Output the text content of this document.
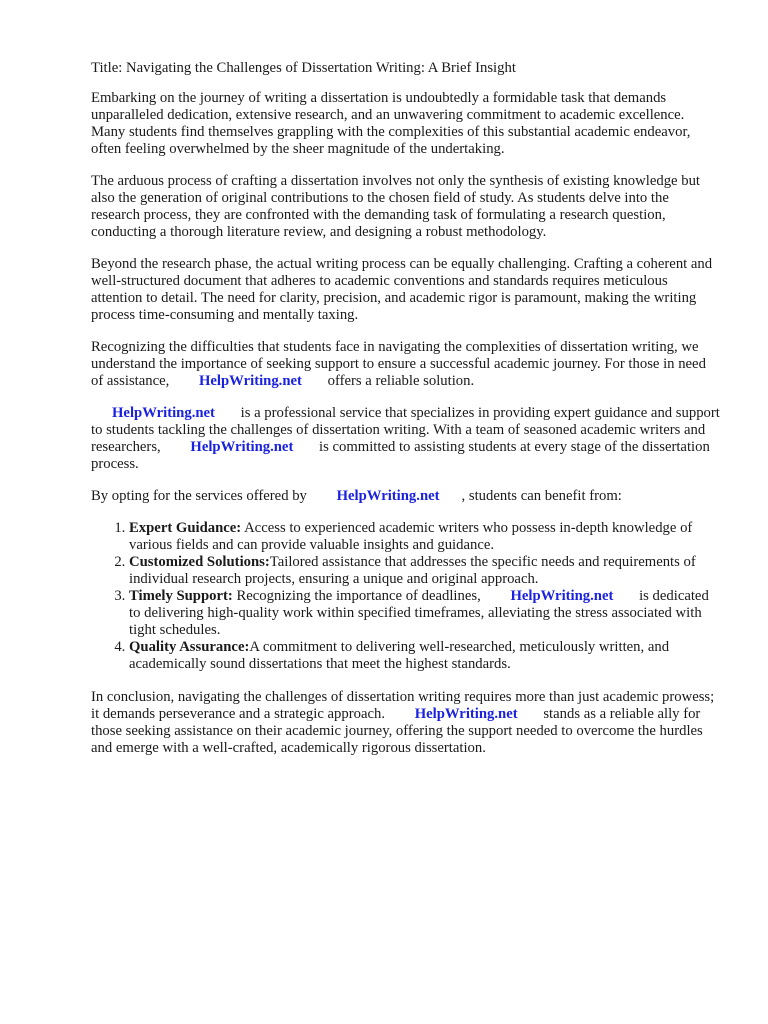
Title: Navigating the Challenges of Dissertation Writing: A Brief Insight

Embarking on the journey of writing a dissertation is undoubtedly a formidable task that demands unparalleled dedication, extensive research, and an unwavering commitment to academic excellence. Many students find themselves grappling with the complexities of this substantial academic endeavor, often feeling overwhelmed by the sheer magnitude of the undertaking.

The arduous process of crafting a dissertation involves not only the synthesis of existing knowledge but also the generation of original contributions to the chosen field of study. As students delve into the research process, they are confronted with the demanding task of formulating a research question, conducting a thorough literature review, and designing a robust methodology.

Beyond the research phase, the actual writing process can be equally challenging. Crafting a coherent and well-structured document that adheres to academic conventions and standards requires meticulous attention to detail. The need for clarity, precision, and academic rigor is paramount, making the writing process time-consuming and mentally taxing.

Recognizing the difficulties that students face in navigating the complexities of dissertation writing, we understand the importance of seeking support to ensure a successful academic journey. For those in need of assistance, HelpWriting.net offers a reliable solution.

HelpWriting.net is a professional service that specializes in providing expert guidance and support to students tackling the challenges of dissertation writing. With a team of seasoned academic writers and researchers, HelpWriting.net is committed to assisting students at every stage of the dissertation process.

By opting for the services offered by HelpWriting.net , students can benefit from:

1. Expert Guidance: Access to experienced academic writers who possess in-depth knowledge of various fields and can provide valuable insights and guidance.
2. Customized Solutions:Tailored assistance that addresses the specific needs and requirements of individual research projects, ensuring a unique and original approach.
3. Timely Support: Recognizing the importance of deadlines, HelpWriting.net is dedicated to delivering high-quality work within specified timeframes, alleviating the stress associated with tight schedules.
4. Quality Assurance:A commitment to delivering well-researched, meticulously written, and academically sound dissertations that meet the highest standards.

In conclusion, navigating the challenges of dissertation writing requires more than just academic prowess; it demands perseverance and a strategic approach. HelpWriting.net stands as a reliable ally for those seeking assistance on their academic journey, offering the support needed to overcome the hurdles and emerge with a well-crafted, academically rigorous dissertation.
